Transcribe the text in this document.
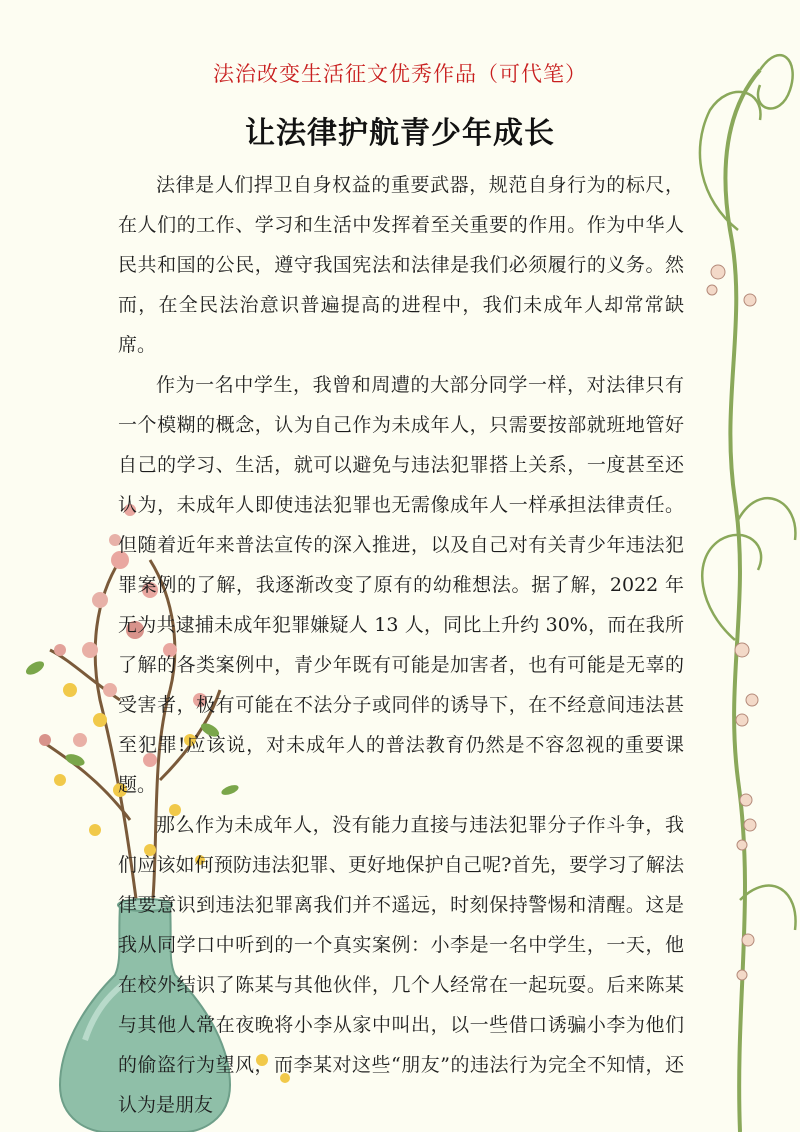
法治改变生活征文优秀作品（可代笔）
让法律护航青少年成长

法律是人们捍卫自身权益的重要武器，规范自身行为的标尺，在人们的工作、学习和生活中发挥着至关重要的作用。作为中华人民共和国的公民，遵守我国宪法和法律是我们必须履行的义务。然而，在全民法治意识普遍提高的进程中，我们未成年人却常常缺席。

作为一名中学生，我曾和周遭的大部分同学一样，对法律只有一个模糊的概念，认为自己作为未成年人，只需要按部就班地管好自己的学习、生活，就可以避免与违法犯罪搭上关系，一度甚至还认为，未成年人即使违法犯罪也无需像成年人一样承担法律责任。但随着近年来普法宣传的深入推进，以及自己对有关青少年违法犯罪案例的了解，我逐渐改变了原有的幼稚想法。据了解，2022 年无为共逮捕未成年犯罪嫌疑人 13 人，同比上升约 30%，而在我所了解的各类案例中，青少年既有可能是加害者，也有可能是无辜的受害者，极有可能在不法分子或同伴的诱导下，在不经意间违法甚至犯罪!应该说，对未成年人的普法教育仍然是不容忽视的重要课题。

那么作为未成年人，没有能力直接与违法犯罪分子作斗争，我们应该如何预防违法犯罪、更好地保护自己呢?首先，要学习了解法律要意识到违法犯罪离我们并不遥远，时刻保持警惕和清醒。这是我从同学口中听到的一个真实案例：小李是一名中学生，一天，他在校外结识了陈某与其他伙伴，几个人经常在一起玩耍。后来陈某与其他人常在夜晚将小李从家中叫出，以一些借口诱骗小李为他们的偷盗行为望风，而李某对这些“朋友”的违法行为完全不知情，还认为是朋友
